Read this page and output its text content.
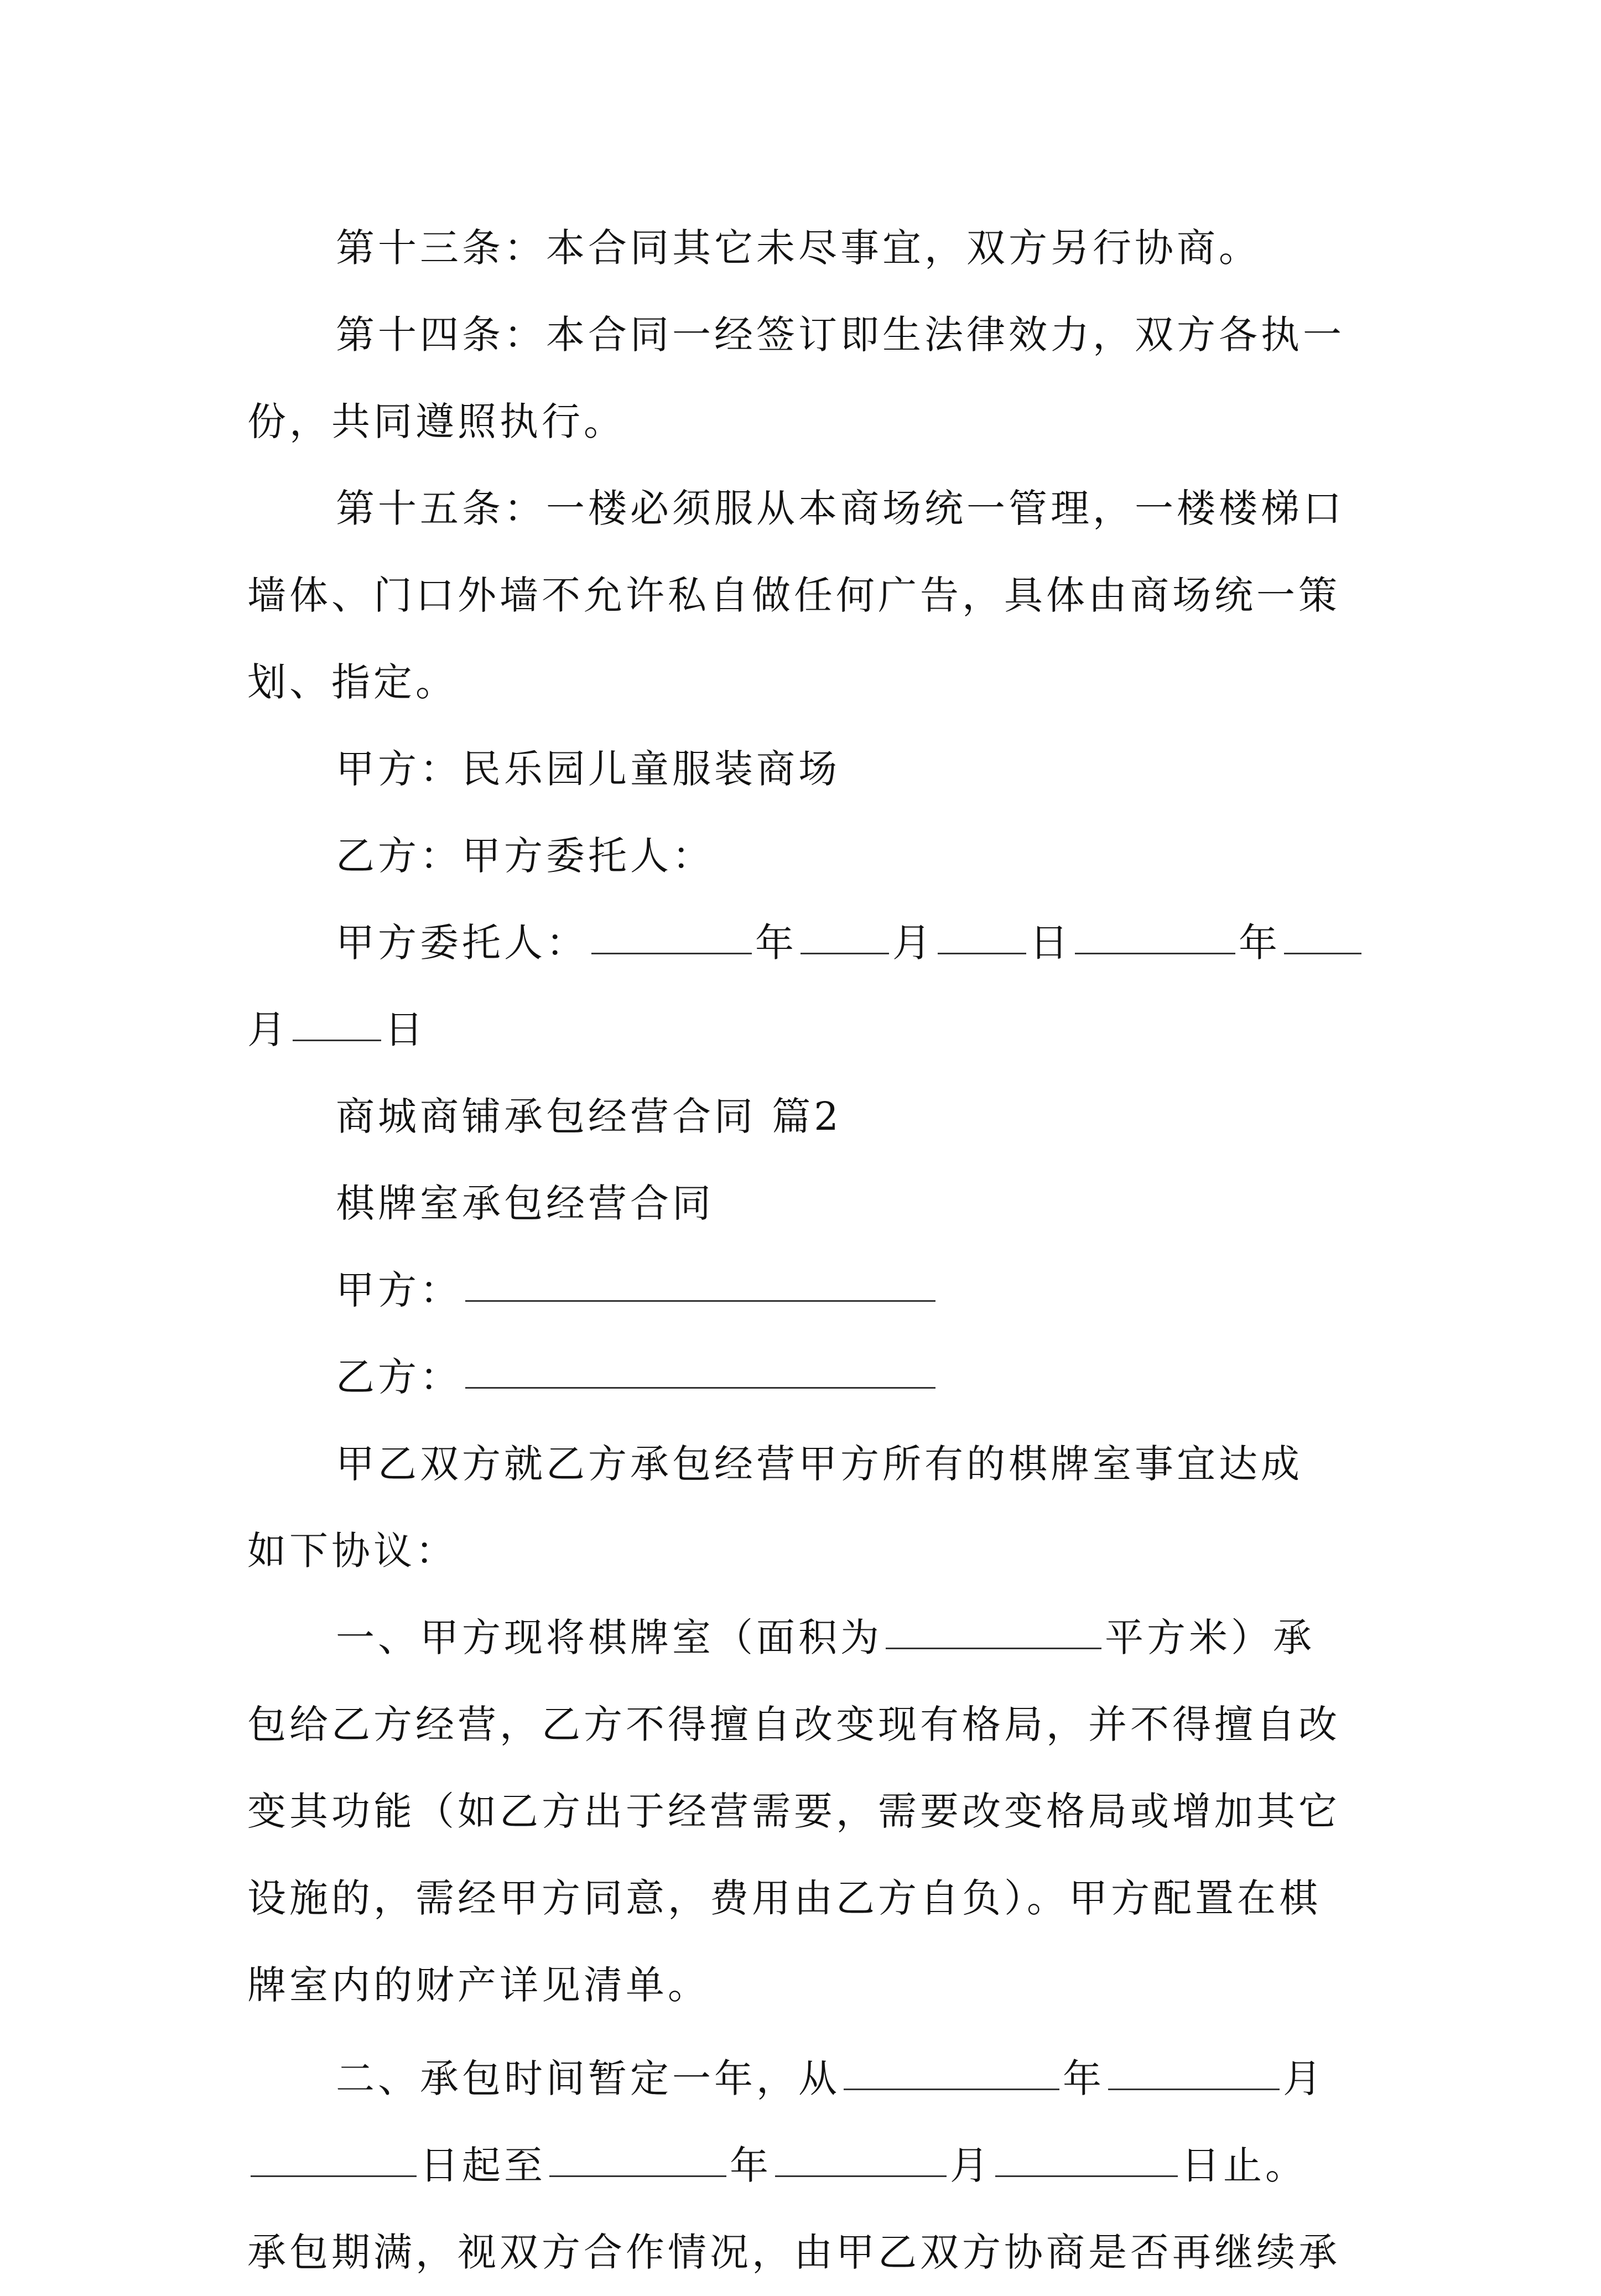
第十三条：本合同其它未尽事宜，双方另行协商。
第十四条：本合同一经签订即生法律效力，双方各执一
份，共同遵照执行。
第十五条：一楼必须服从本商场统一管理，一楼楼梯口
墙体、门口外墙不允许私自做任何广告，具体由商场统一策
划、指定。
甲方：民乐园儿童服装商场
乙方：甲方委托人：
甲方委托人：	年 月 日	年
月 日
商城商铺承包经营合同 篇2
棋牌室承包经营合同
甲方：
乙方：
甲乙双方就乙方承包经营甲方所有的棋牌室事宜达成
如下协议：
一、甲方现将棋牌室（面积为	平方米）承
包给乙方经营，乙方不得擅自改变现有格局，并不得擅自改
变其功能（如乙方出于经营需要，需要改变格局或增加其它
设施的，需经甲方同意，费用由乙方自负）。甲方配置在棋
牌室内的财产详见清单。
二、承包时间暂定一年，从	年	月
日起至	年	月	日止。
承包期满，视双方合作情况，由甲乙双方协商是否再继续承
